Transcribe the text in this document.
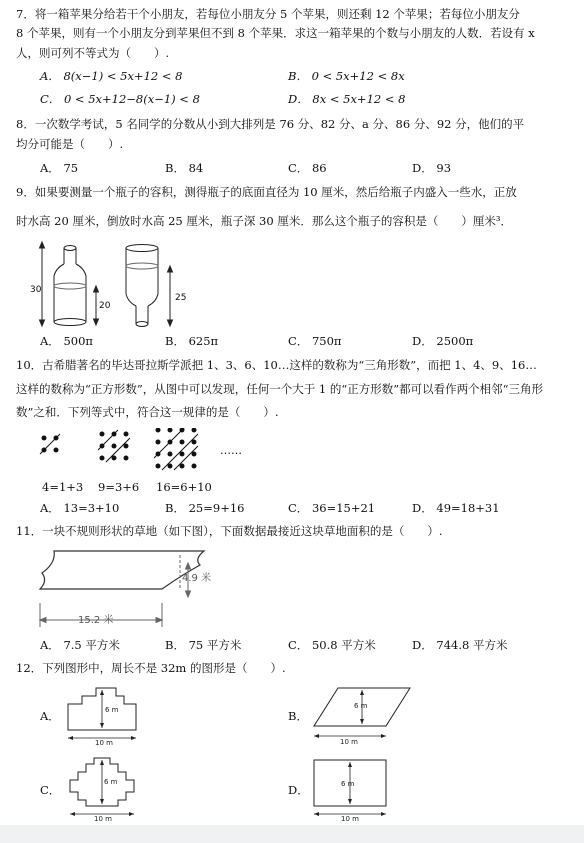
7．将一箱苹果分给若干个小朋友，若每位小朋友分 5 个苹果，则还剩 12 个苹果；若每位小朋友分
8 个苹果，则有一个小朋友分到苹果但不到 8 个苹果．求这一箱苹果的个数与小朋友的人数．若设有 x
人，则可列不等式为（　　）.
A． 8(x−1) < 5x+12 < 8	B． 0 < 5x+12 < 8x
C． 0 < 5x+12−8(x−1) < 8	D． 8x < 5x+12 < 8
8．一次数学考试，5 名同学的分数从小到大排列是 76 分、82 分、a 分、86 分、92 分，他们的平
均分可能是（　　）.
A． 75	B． 84	C． 86	D． 93
9．如果要测量一个瓶子的容积，测得瓶子的底面直径为 10 厘米，然后给瓶子内盛入一些水，正放
时水高 20 厘米，倒放时水高 25 厘米，瓶子深 30 厘米．那么这个瓶子的容积是（　　）厘米³．
30
20
25
A． 500π	B． 625π	C． 750π	D． 2500π
10．古希腊著名的毕达哥拉斯学派把 1、3、6、10…这样的数称为“三角形数”，而把 1、4、9、16…
这样的数称为“正方形数”，从图中可以发现，任何一个大于 1 的“正方形数”都可以看作两个相邻“三角形
数”之和．下列等式中，符合这一规律的是（　　）.
……
4=1+3 9=3+6 16=6+10
A． 13=3+10	B． 25=9+16	C． 36=15+21	D． 49=18+31
11．一块不规则形状的草地（如下图），下面数据最接近这块草地面积的是（　　）.
4.9 米
15.2 米
A． 7.5 平方米	B． 75 平方米	C． 50.8 平方米	D． 744.8 平方米
12．下列图形中，周长不是 32m 的图形是（　　）.
A．	6 m
10 m
B．
6 m
10 m
C．
6 m
10 m
D．	6 m
10 m
